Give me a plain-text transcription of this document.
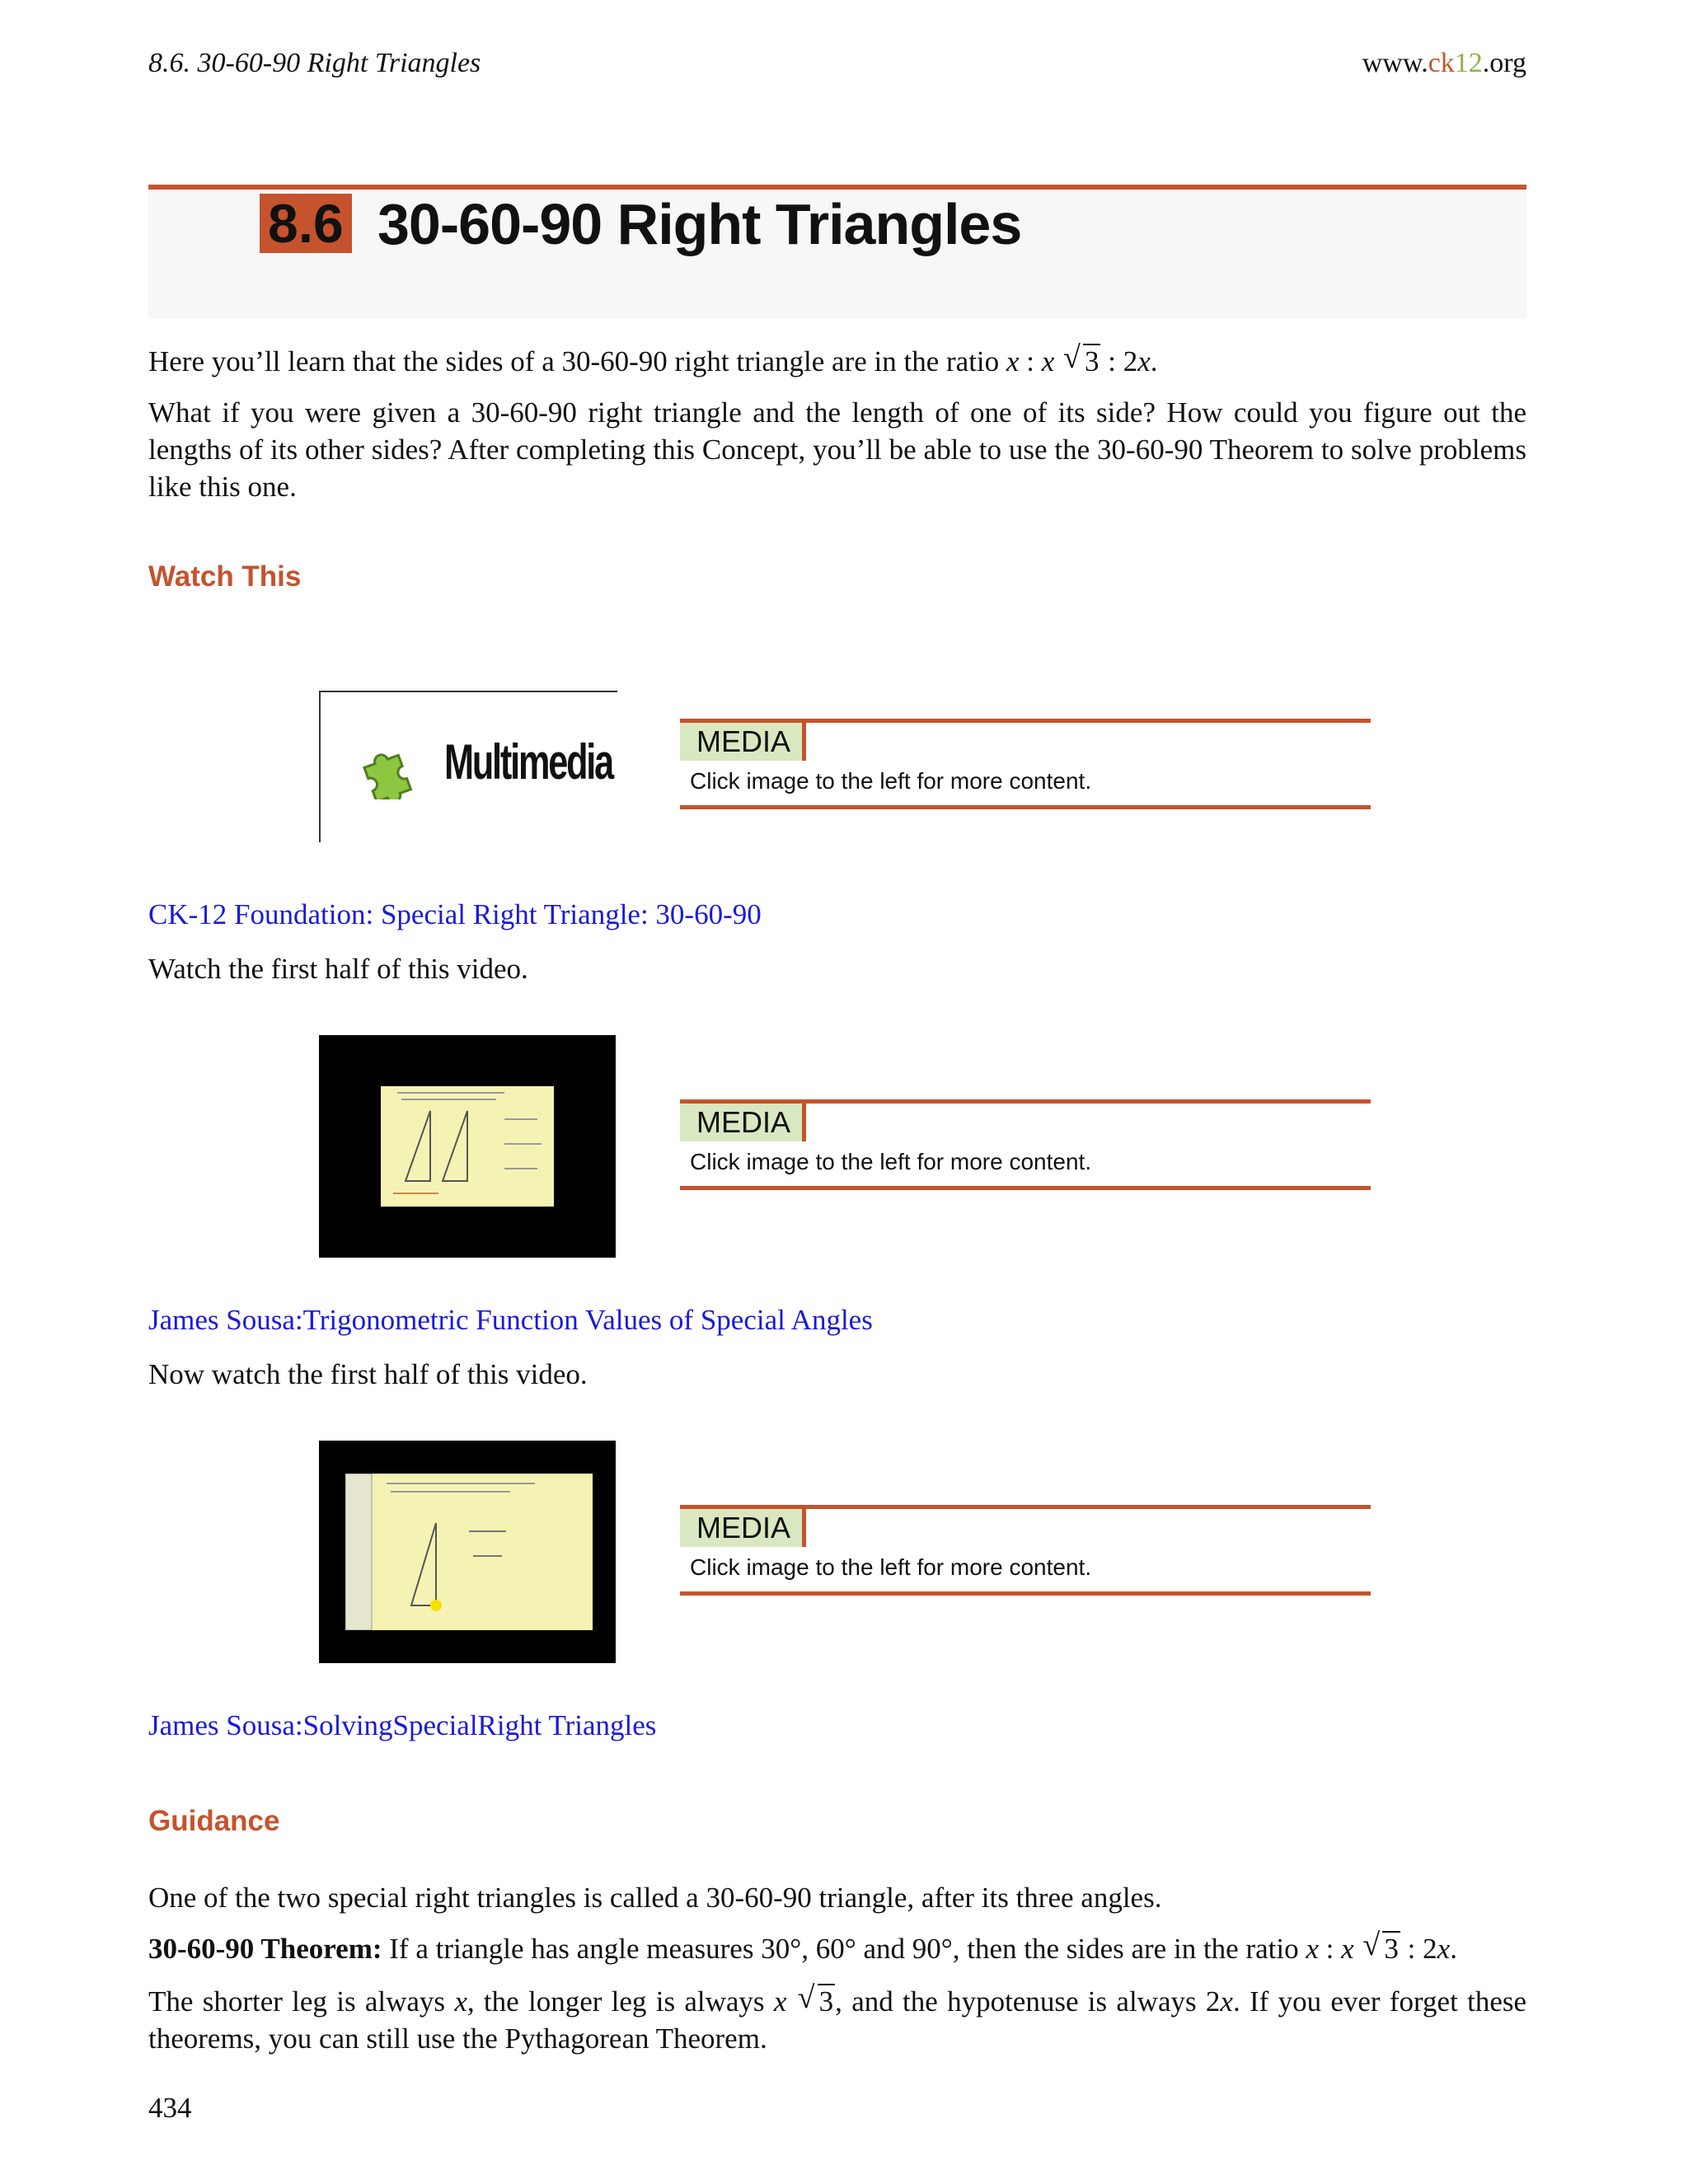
8.6. 30-60-90 Right Triangles	www.ck12.org
8.6 30-60-90 Right Triangles
Here you’ll learn that the sides of a 30-60-90 right triangle are in the ratio x : x √ 3 : 2x.
What if you were given a 30-60-90 right triangle and the length of one of its side? How could you figure out the lengths of its other sides? After completing this Concept, you’ll be able to use the 30-60-90 Theorem to solve problems like this one.
Watch This
Multimedia	MEDIA
Click image to the left for more content.
CK-12 Foundation: Special Right Triangle: 30-60-90
Watch the first half of this video.
MEDIA
Click image to the left for more content.
James Sousa:Trigonometric Function Values of Special Angles
Now watch the first half of this video.
MEDIA
Click image to the left for more content.
James Sousa:SolvingSpecialRight Triangles
Guidance
One of the two special right triangles is called a 30-60-90 triangle, after its three angles.
30-60-90 Theorem: If a triangle has angle measures 30°, 60° and 90°, then the sides are in the ratio x : x √ 3 : 2x.
The shorter leg is always x, the longer leg is always x √ 3, and the hypotenuse is always 2x. If you ever forget these theorems, you can still use the Pythagorean Theorem.
434
